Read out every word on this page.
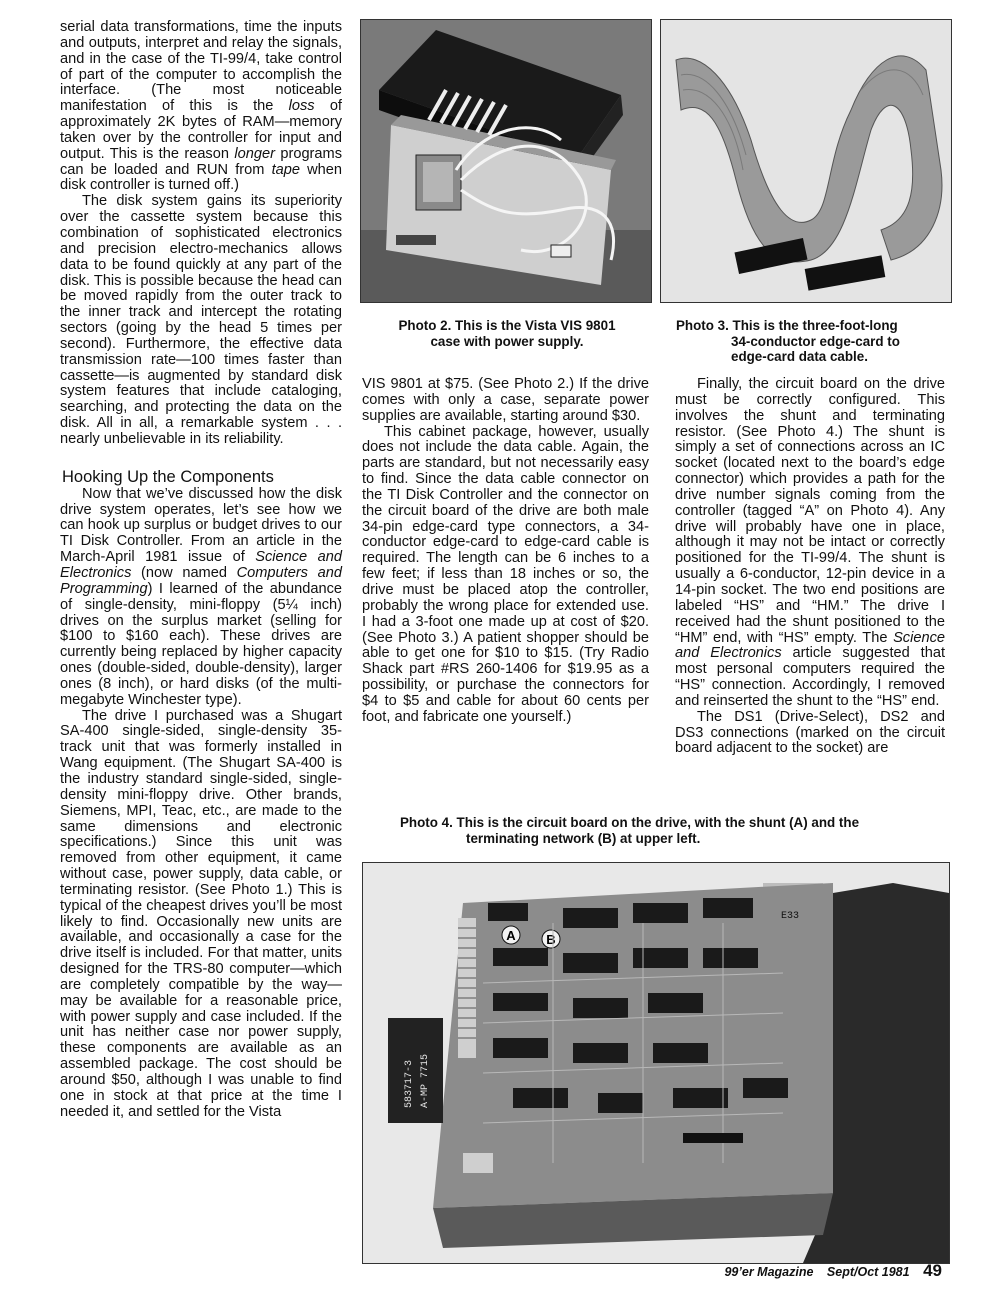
serial data transformations, time the inputs and outputs, interpret and relay the signals, and in the case of the TI-99/4, take control of part of the computer to accomplish the interface. (The most noticeable manifestation of this is the loss of approximately 2K bytes of RAM—memory taken over by the controller for input and output. This is the reason longer programs can be loaded and RUN from tape when disk controller is turned off.)

The disk system gains its superiority over the cassette system because this combination of sophisticated electronics and precision electro-mechanics allows data to be found quickly at any part of the disk. This is possible because the head can be moved rapidly from the outer track to the inner track and intercept the rotating sectors (going by the head 5 times per second). Furthermore, the effective data transmission rate—100 times faster than cassette—is augmented by standard disk system features that include cataloging, searching, and protecting the data on the disk. All in all, a remarkable system . . . nearly unbelievable in its reliability.

Hooking Up the Components

Now that we’ve discussed how the disk drive system operates, let’s see how we can hook up surplus or budget drives to our TI Disk Controller. From an article in the March-April 1981 issue of Science and Electronics (now named Computers and Programming) I learned of the abundance of single-density, mini-floppy (5¼ inch) drives on the surplus market (selling for $100 to $160 each). These drives are currently being replaced by higher capacity ones (double-sided, double-density), larger ones (8 inch), or hard disks (of the multi-megabyte Winchester type).

The drive I purchased was a Shugart SA-400 single-sided, single-density 35-track unit that was formerly installed in Wang equipment. (The Shugart SA-400 is the industry standard single-sided, single-density mini-floppy drive. Other brands, Siemens, MPI, Teac, etc., are made to the same dimensions and electronic specifications.) Since this unit was removed from other equipment, it came without case, power supply, data cable, or terminating resistor. (See Photo 1.) This is typical of the cheapest drives you’ll be most likely to find. Occasionally new units are available, and occasionally a case for the drive itself is included. For that matter, units designed for the TRS-80 computer—which are completely compatible by the way—may be available for a reasonable price, with power supply and case included. If the unit has neither case nor power supply, these components are available as an assembled package. The cost should be around $50, although I was unable to find one in stock at that price at the time I needed it, and settled for the Vista

Photo 2. This is the Vista VIS 9801
case with power supply.
Photo 3. This is the three-foot-long
34-conductor edge-card to
edge-card data cable.

VIS 9801 at $75. (See Photo 2.) If the drive comes with only a case, separate power supplies are available, starting around $30.

This cabinet package, however, usually does not include the data cable. Again, the parts are standard, but not necessarily easy to find. Since the data cable connector on the TI Disk Controller and the connector on the circuit board of the drive are both male 34-pin edge-card type connectors, a 34-conductor edge-card to edge-card cable is required. The length can be 6 inches to a few feet; if less than 18 inches or so, the drive must be placed atop the controller, probably the wrong place for extended use. I had a 3-foot one made up at cost of $20. (See Photo 3.) A patient shopper should be able to get one for $10 to $15. (Try Radio Shack part #RS 260-1406 for $19.95 as a possibility, or purchase the connectors for $4 to $5 and cable for about 60 cents per foot, and fabricate one yourself.)

Finally, the circuit board on the drive must be correctly configured. This involves the shunt and terminating resistor. (See Photo 4.) The shunt is simply a set of connections across an IC socket (located next to the board’s edge connector) which provides a path for the drive number signals coming from the controller (tagged “A” on Photo 4). Any drive will probably have one in place, although it may not be intact or correctly positioned for the TI-99/4. The shunt is usually a 6-conductor, 12-pin device in a 14-pin socket. The two end positions are labeled “HS” and “HM.” The drive I received had the shunt positioned to the “HM” end, with “HS” empty. The Science and Electronics article suggested that most personal computers required the “HS” connection. Accordingly, I removed and reinserted the shunt to the “HS” end.

The DS1 (Drive-Select), DS2 and DS3 connections (marked on the circuit board adjacent to the socket) are

Photo 4. This is the circuit board on the drive, with the shunt (A) and the
terminating network (B) at upper left.
A B
583717-3 A-MP 7715
E33
99’er Magazine Sept/Oct 1981 49
